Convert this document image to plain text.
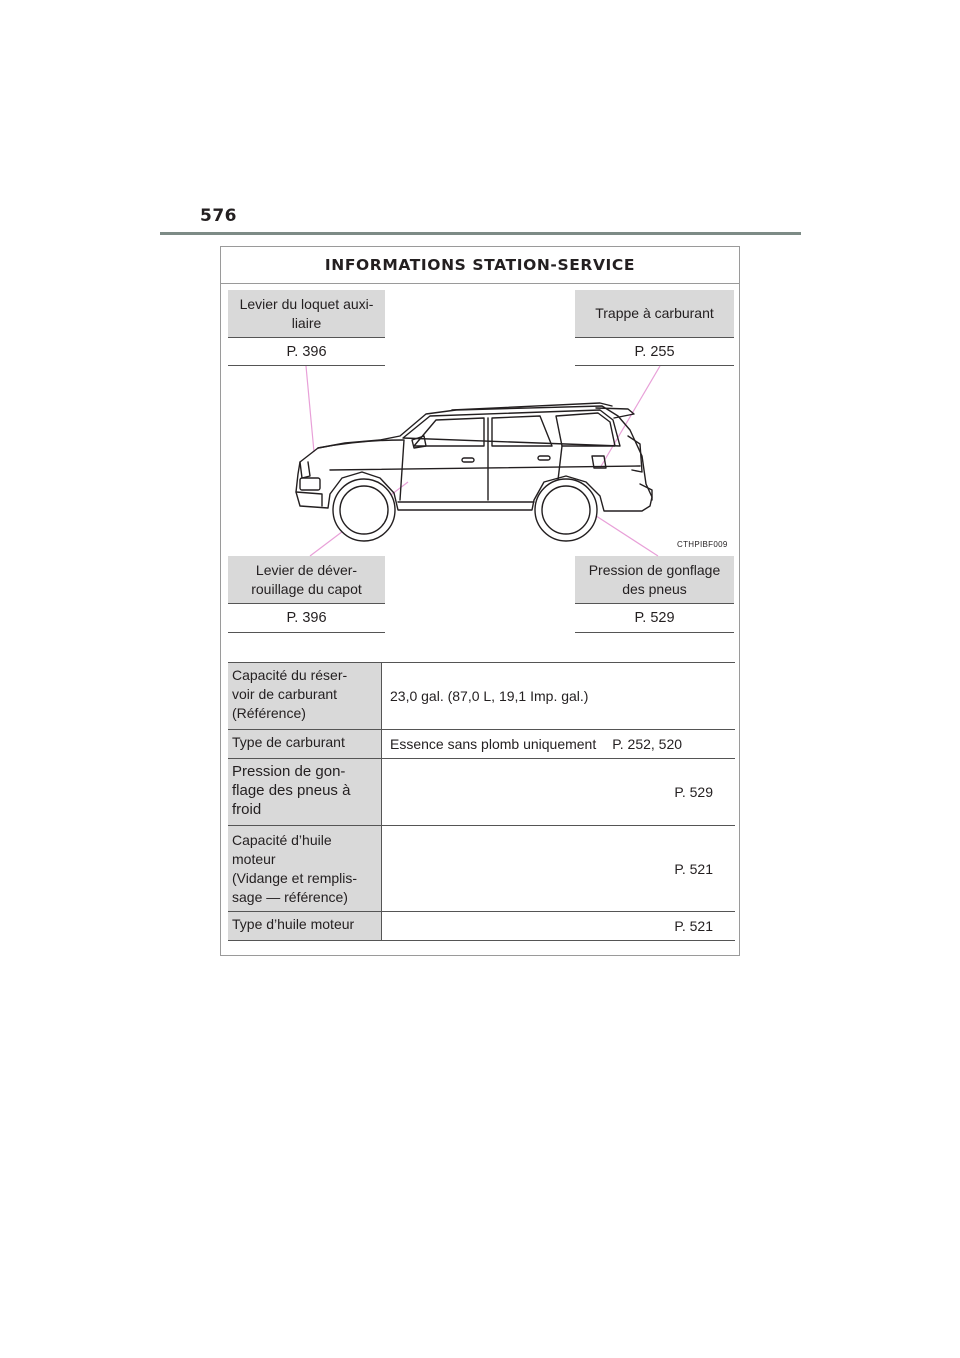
576
INFORMATIONS STATION-SERVICE
Levier du loquet auxi-
liaire
P. 396
Trappe à carburant
P. 255
Levier de déver-
rouillage du capot
P. 396
Pression de gonflage
des pneus
P. 529
CTHPIBF009
Capacité du réser-
voir de carburant
(Référence)
23,0 gal. (87,0 L, 19,1 Imp. gal.)
Type de carburant	Essence sans plomb uniquement P. 252, 520
Pression de gon-
flage des pneus à
froid
P. 529
Capacité d’huile
moteur
(Vidange et remplis-
sage — référence)
P. 521
Type d’huile moteur	P. 521
